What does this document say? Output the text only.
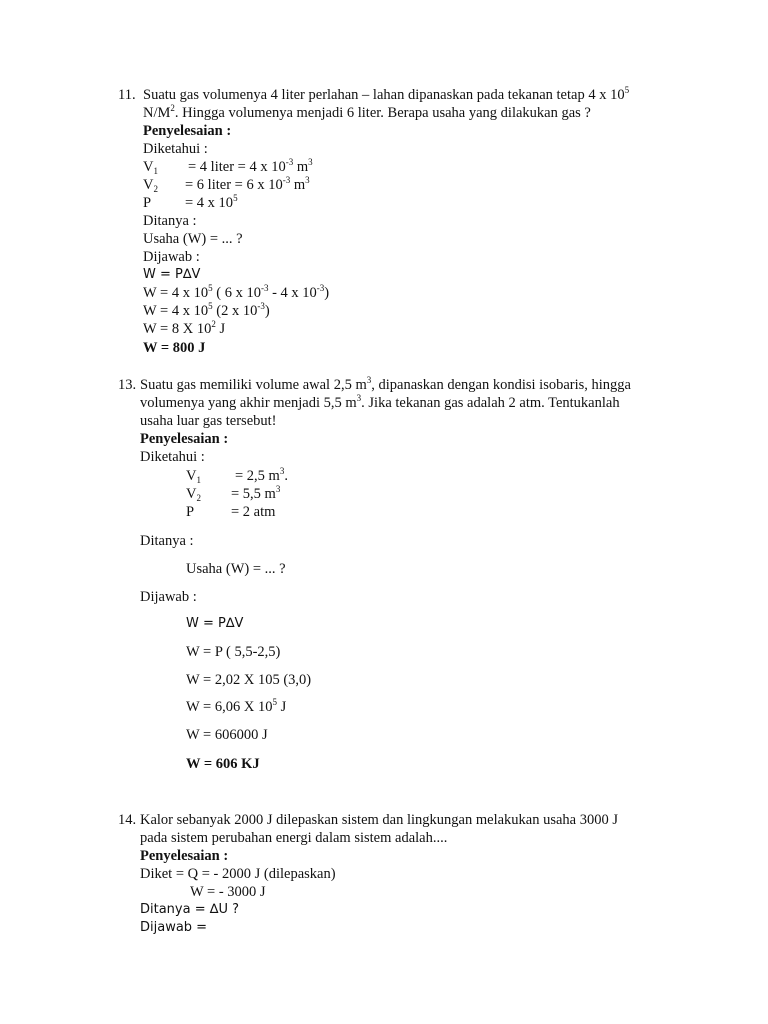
11. Suatu gas volumenya 4 liter perlahan – lahan dipanaskan pada tekanan tetap 4 x $10^5$
$N/M^2$. Hingga volumenya menjadi 6 liter. Berapa usaha yang dilakukan gas ?
Penyelesaian :
Diketahui :
$V_1 = 4$ liter = 4 x $10^{-3}$ $m^3$
$V_2 = 6$ liter = 6 x $10^{-3}$ $m^3$
P = 4 x $10^5$
Ditanya :
Usaha (W) = ... ?
Dijawab :
W = P∆V
W = 4 x $10^5$ ( 6 x $10^{-3} - 4$ x $10^{-3}$)
W = 4 x $10^5$ (2 x $10^{-3}$)
W = 8 X $10^2$ J
W = 800 J
13. Suatu gas memiliki volume awal 2,5 $m^3$, dipanaskan dengan kondisi isobaris, hingga
volumenya yang akhir menjadi 5,5 $m^3$. Jika tekanan gas adalah 2 atm. Tentukanlah
usaha luar gas tersebut!
Penyelesaian :
Diketahui :
$V_1 = 2,5$ $m^3$.
$V_2 = 5,5$ $m^3$
P	= 2 atm
Ditanya :
Usaha (W) = ... ?
Dijawab :
W = P∆V
W = P ( 5,5-2,5)
W = 2,02 X 105 (3,0)
W = 6,06 X $10^5$ J
W = 606000 J
W = 606 KJ
14. Kalor sebanyak 2000 J dilepaskan sistem dan lingkungan melakukan usaha 3000 J
pada sistem perubahan energi dalam sistem adalah....
Penyelesaian :
Diket = Q = - 2000 J (dilepaskan)
W = - 3000 J
Ditanya = ∆U ?
Dijawab =
